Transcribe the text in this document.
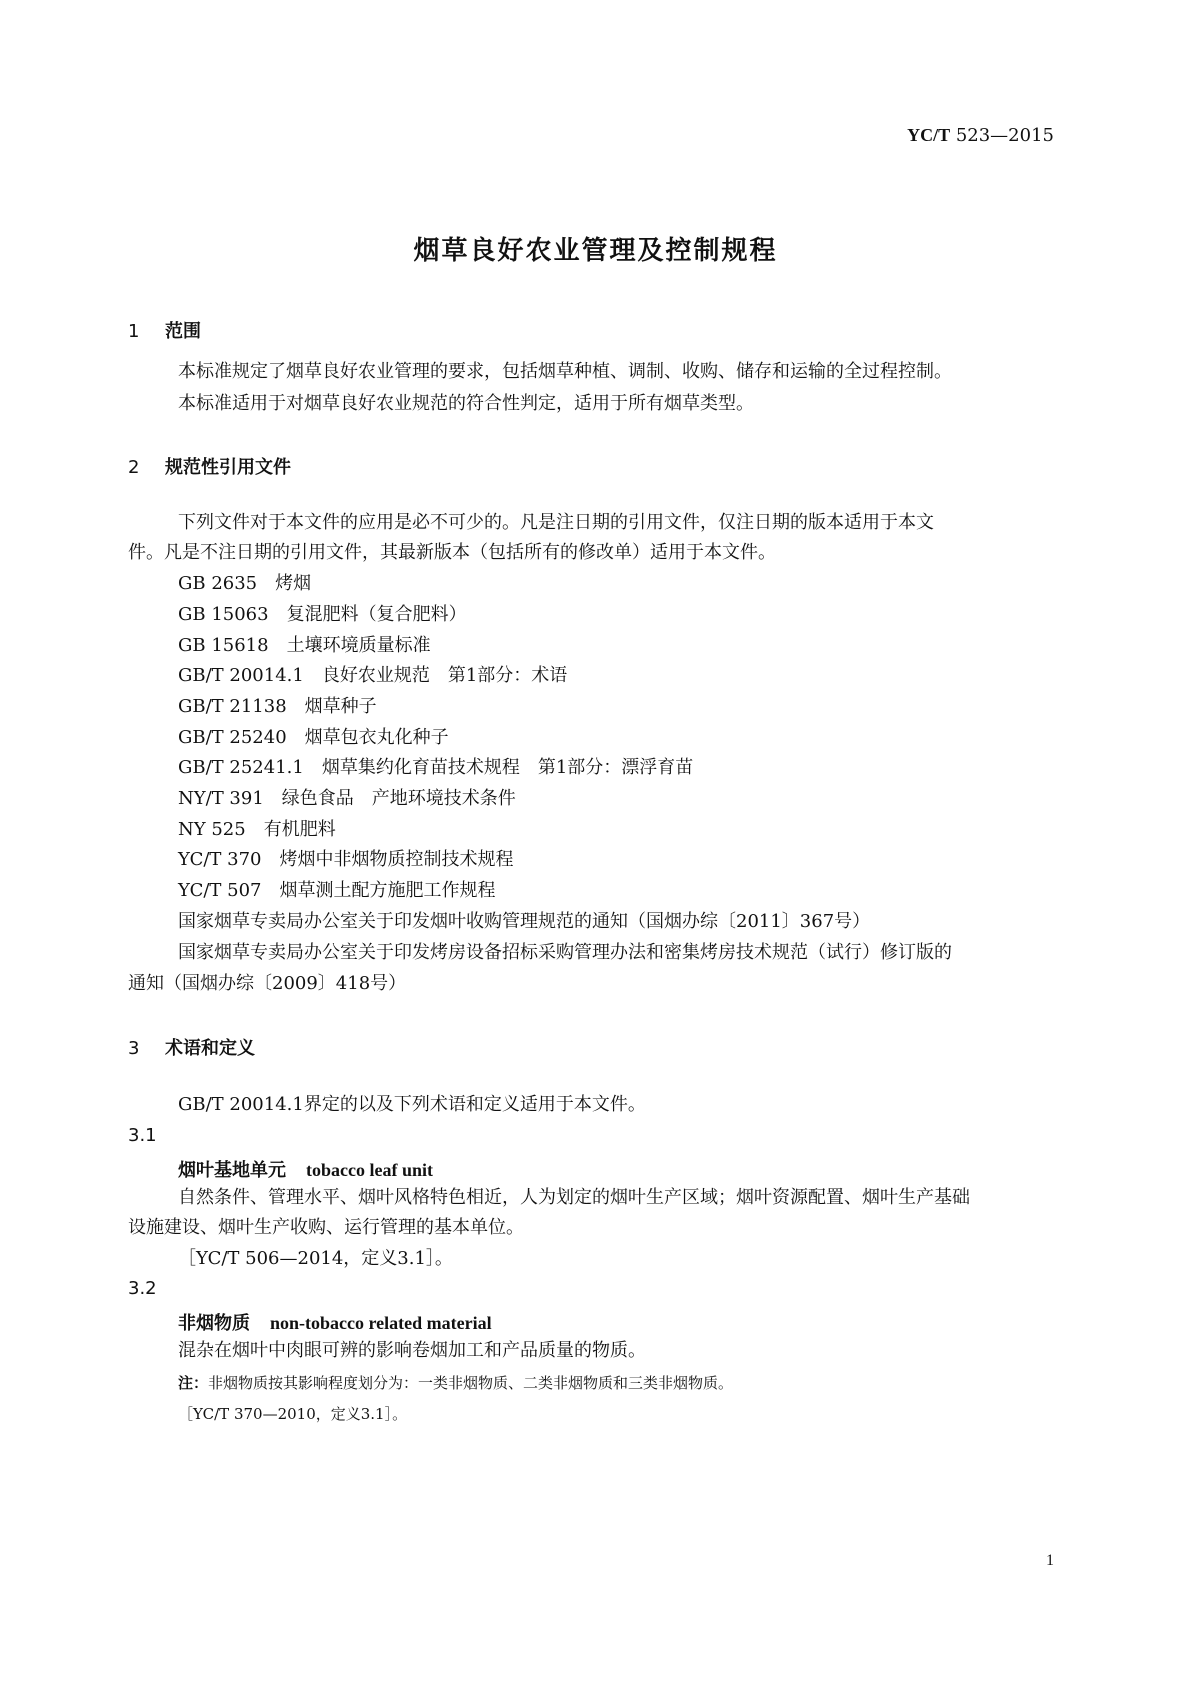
YC/T 523—2015
烟草良好农业管理及控制规程
1 范围
本标准规定了烟草良好农业管理的要求，包括烟草种植、调制、收购、储存和运输的全过程控制。
本标准适用于对烟草良好农业规范的符合性判定，适用于所有烟草类型。
2 规范性引用文件
下列文件对于本文件的应用是必不可少的。凡是注日期的引用文件，仅注日期的版本适用于本文
件。凡是不注日期的引用文件，其最新版本（包括所有的修改单）适用于本文件。
GB 2635 烤烟
GB 15063 复混肥料（复合肥料）
GB 15618 土壤环境质量标准
GB/T 20014.1 良好农业规范　第1部分：术语
GB/T 21138 烟草种子
GB/T 25240 烟草包衣丸化种子
GB/T 25241.1 烟草集约化育苗技术规程　第1部分：漂浮育苗
NY/T 391 绿色食品　产地环境技术条件
NY 525 有机肥料
YC/T 370 烤烟中非烟物质控制技术规程
YC/T 507 烟草测土配方施肥工作规程
国家烟草专卖局办公室关于印发烟叶收购管理规范的通知（国烟办综〔2011〕367号）
国家烟草专卖局办公室关于印发烤房设备招标采购管理办法和密集烤房技术规范（试行）修订版的
通知（国烟办综〔2009〕418号）
3 术语和定义
GB/T 20014.1界定的以及下列术语和定义适用于本文件。
3.1
烟叶基地单元 tobacco leaf unit
自然条件、管理水平、烟叶风格特色相近，人为划定的烟叶生产区域；烟叶资源配置、烟叶生产基础
设施建设、烟叶生产收购、运行管理的基本单位。
［YC/T 506—2014，定义3.1］。
3.2
非烟物质 non-tobacco related material
混杂在烟叶中肉眼可辨的影响卷烟加工和产品质量的物质。
注：非烟物质按其影响程度划分为：一类非烟物质、二类非烟物质和三类非烟物质。
［YC/T 370—2010，定义3.1］。
1
